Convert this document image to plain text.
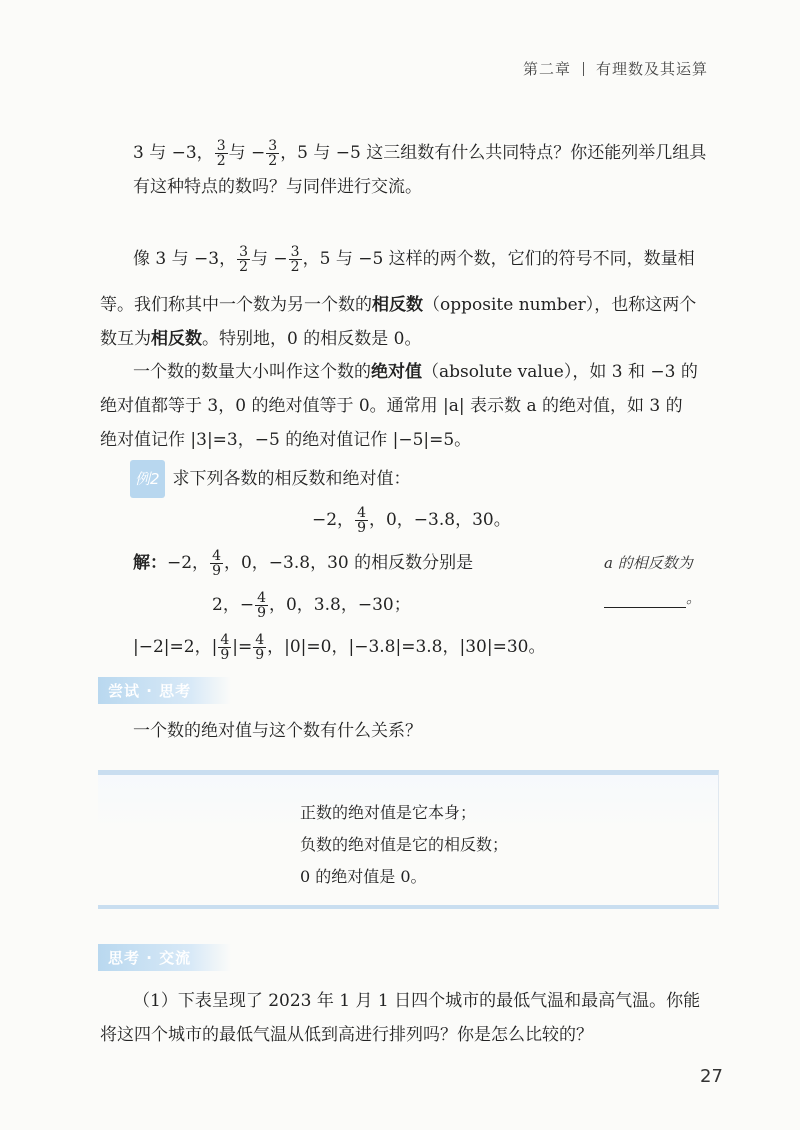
第二章 有理数及其运算
3 与 −3， $\frac{3}{2}$ 与 − $\frac{3}{2}$ ，5 与 −5 这三组数有什么共同特点？你还能列举几组具
有这种特点的数吗？与同伴进行交流。
像 3 与 −3， $\frac{3}{2}$ 与 − $\frac{3}{2}$ ，5 与 −5 这样的两个数，它们的符号不同，数量相
等。我们称其中一个数为另一个数的相反数（opposite number），也称这两个
数互为相反数。特别地，0 的相反数是 0。
一个数的数量大小叫作这个数的绝对值（absolute value），如 3 和 −3 的
绝对值都等于 3，0 的绝对值等于 0。通常用 |a| 表示数 a 的绝对值，如 3 的
绝对值记作 |3|=3，−5 的绝对值记作 |−5|=5。
例2 求下列各数的相反数和绝对值：
−2， $\frac{4}{9}$ ，0，−3.8，30。
解：−2， $\frac{4}{9}$ ，0，−3.8，30 的相反数分别是
2，− $\frac{4}{9}$ ，0，3.8，−30；
|−2|=2，| $\frac{4}{9}$ |= $\frac{4}{9}$ ，|0|=0，|−3.8|=3.8，|30|=30。
a 的相反数为
。
尝试 · 思考
一个数的绝对值与这个数有什么关系？
正数的绝对值是它本身；
负数的绝对值是它的相反数；
0 的绝对值是 0。
思考 · 交流
（1）下表呈现了 2023 年 1 月 1 日四个城市的最低气温和最高气温。你能
将这四个城市的最低气温从低到高进行排列吗？你是怎么比较的？
27
